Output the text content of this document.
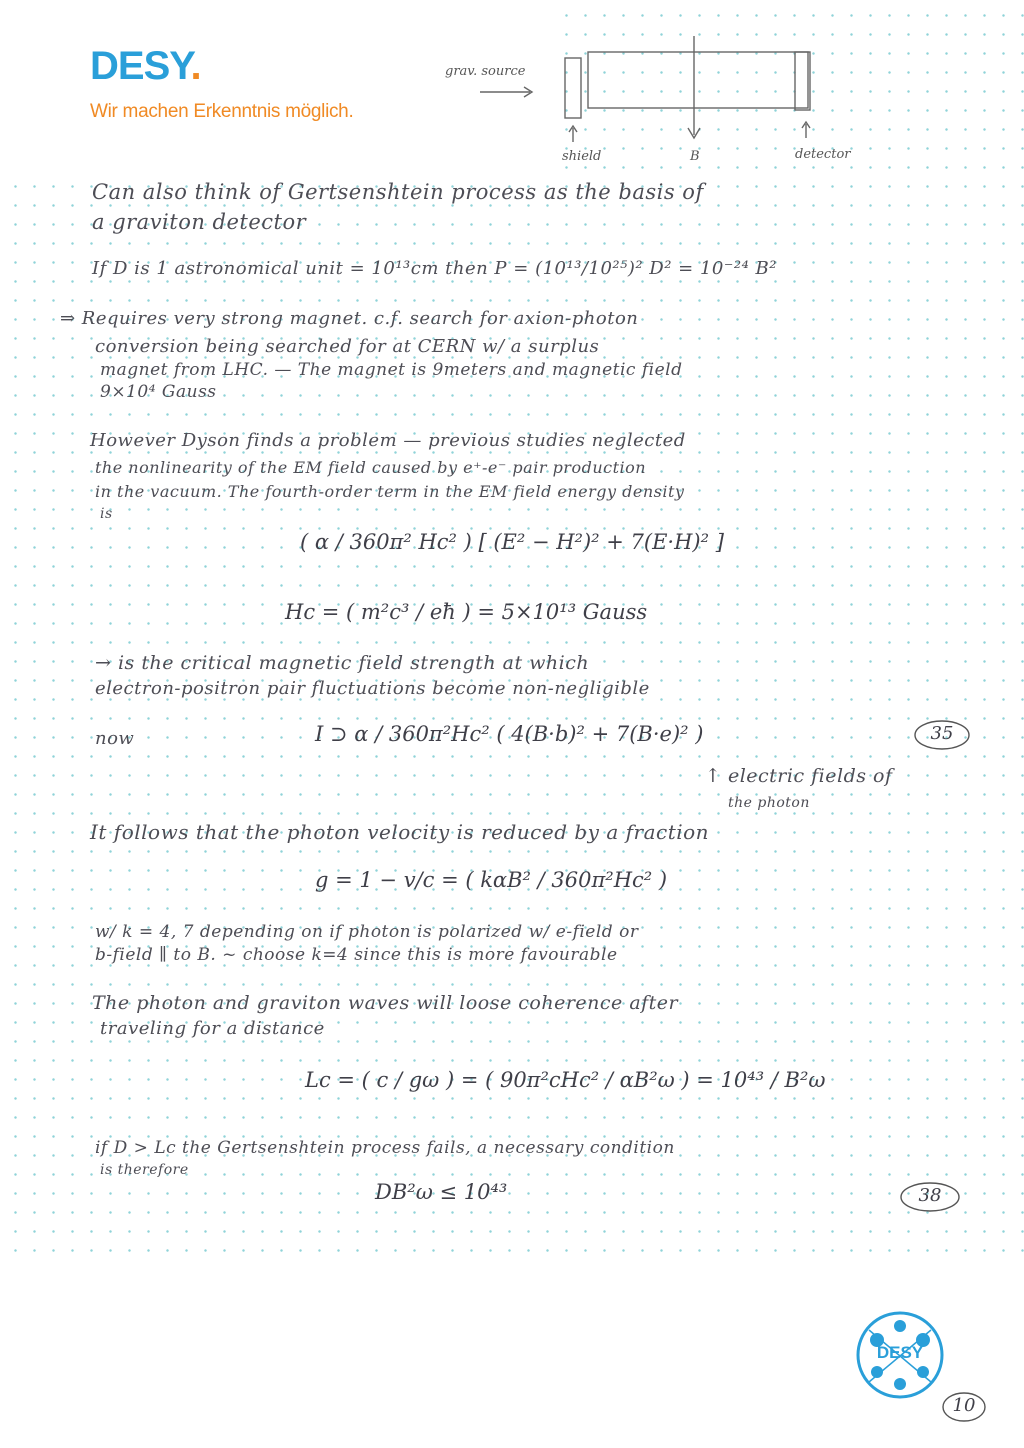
DESY.
Wir machen Erkenntnis möglich.
grav. source
shield	B	detector
Can also think of Gertsenshtein process as the basis of
a graviton detector
If D is 1 astronomical unit = 10¹³cm then P = (10¹³/10²⁵)² D² = 10⁻²⁴ B²
⇒ Requires very strong magnet. c.f. search for axion-photon
conversion being searched for at CERN w/ a surplus
magnet from LHC. — The magnet is 9meters and magnetic field
9×10⁴ Gauss
However Dyson finds a problem — previous studies neglected
the nonlinearity of the EM field caused by e⁺-e⁻ pair production
in the vacuum. The fourth-order term in the EM field energy density
is
( α / 360π² Hc² ) [ (E² − H²)² + 7(E·H)² ]
Hc = ( m²c³ / eħ ) = 5×10¹³ Gauss
→ is the critical magnetic field strength at which
electron-positron pair fluctuations become non-negligible
now	I ⊃ α / 360π²Hc² ( 4(B·b)² + 7(B·e)² )	35
↑ electric fields of
the photon
It follows that the photon velocity is reduced by a fraction
g = 1 − v/c = ( kαB² / 360π²Hc² )
w/ k = 4, 7 depending on if photon is polarized w/ e-field or
b-field ∥ to B. ~ choose k=4 since this is more favourable
The photon and graviton waves will loose coherence after
traveling for a distance
Lc = ( c / gω ) = ( 90π²cHc² / αB²ω ) = 10⁴³ / B²ω
if D > Lc the Gertsenshtein process fails, a necessary condition
is therefore
DB²ω ≤ 10⁴³	38
DESY
10
